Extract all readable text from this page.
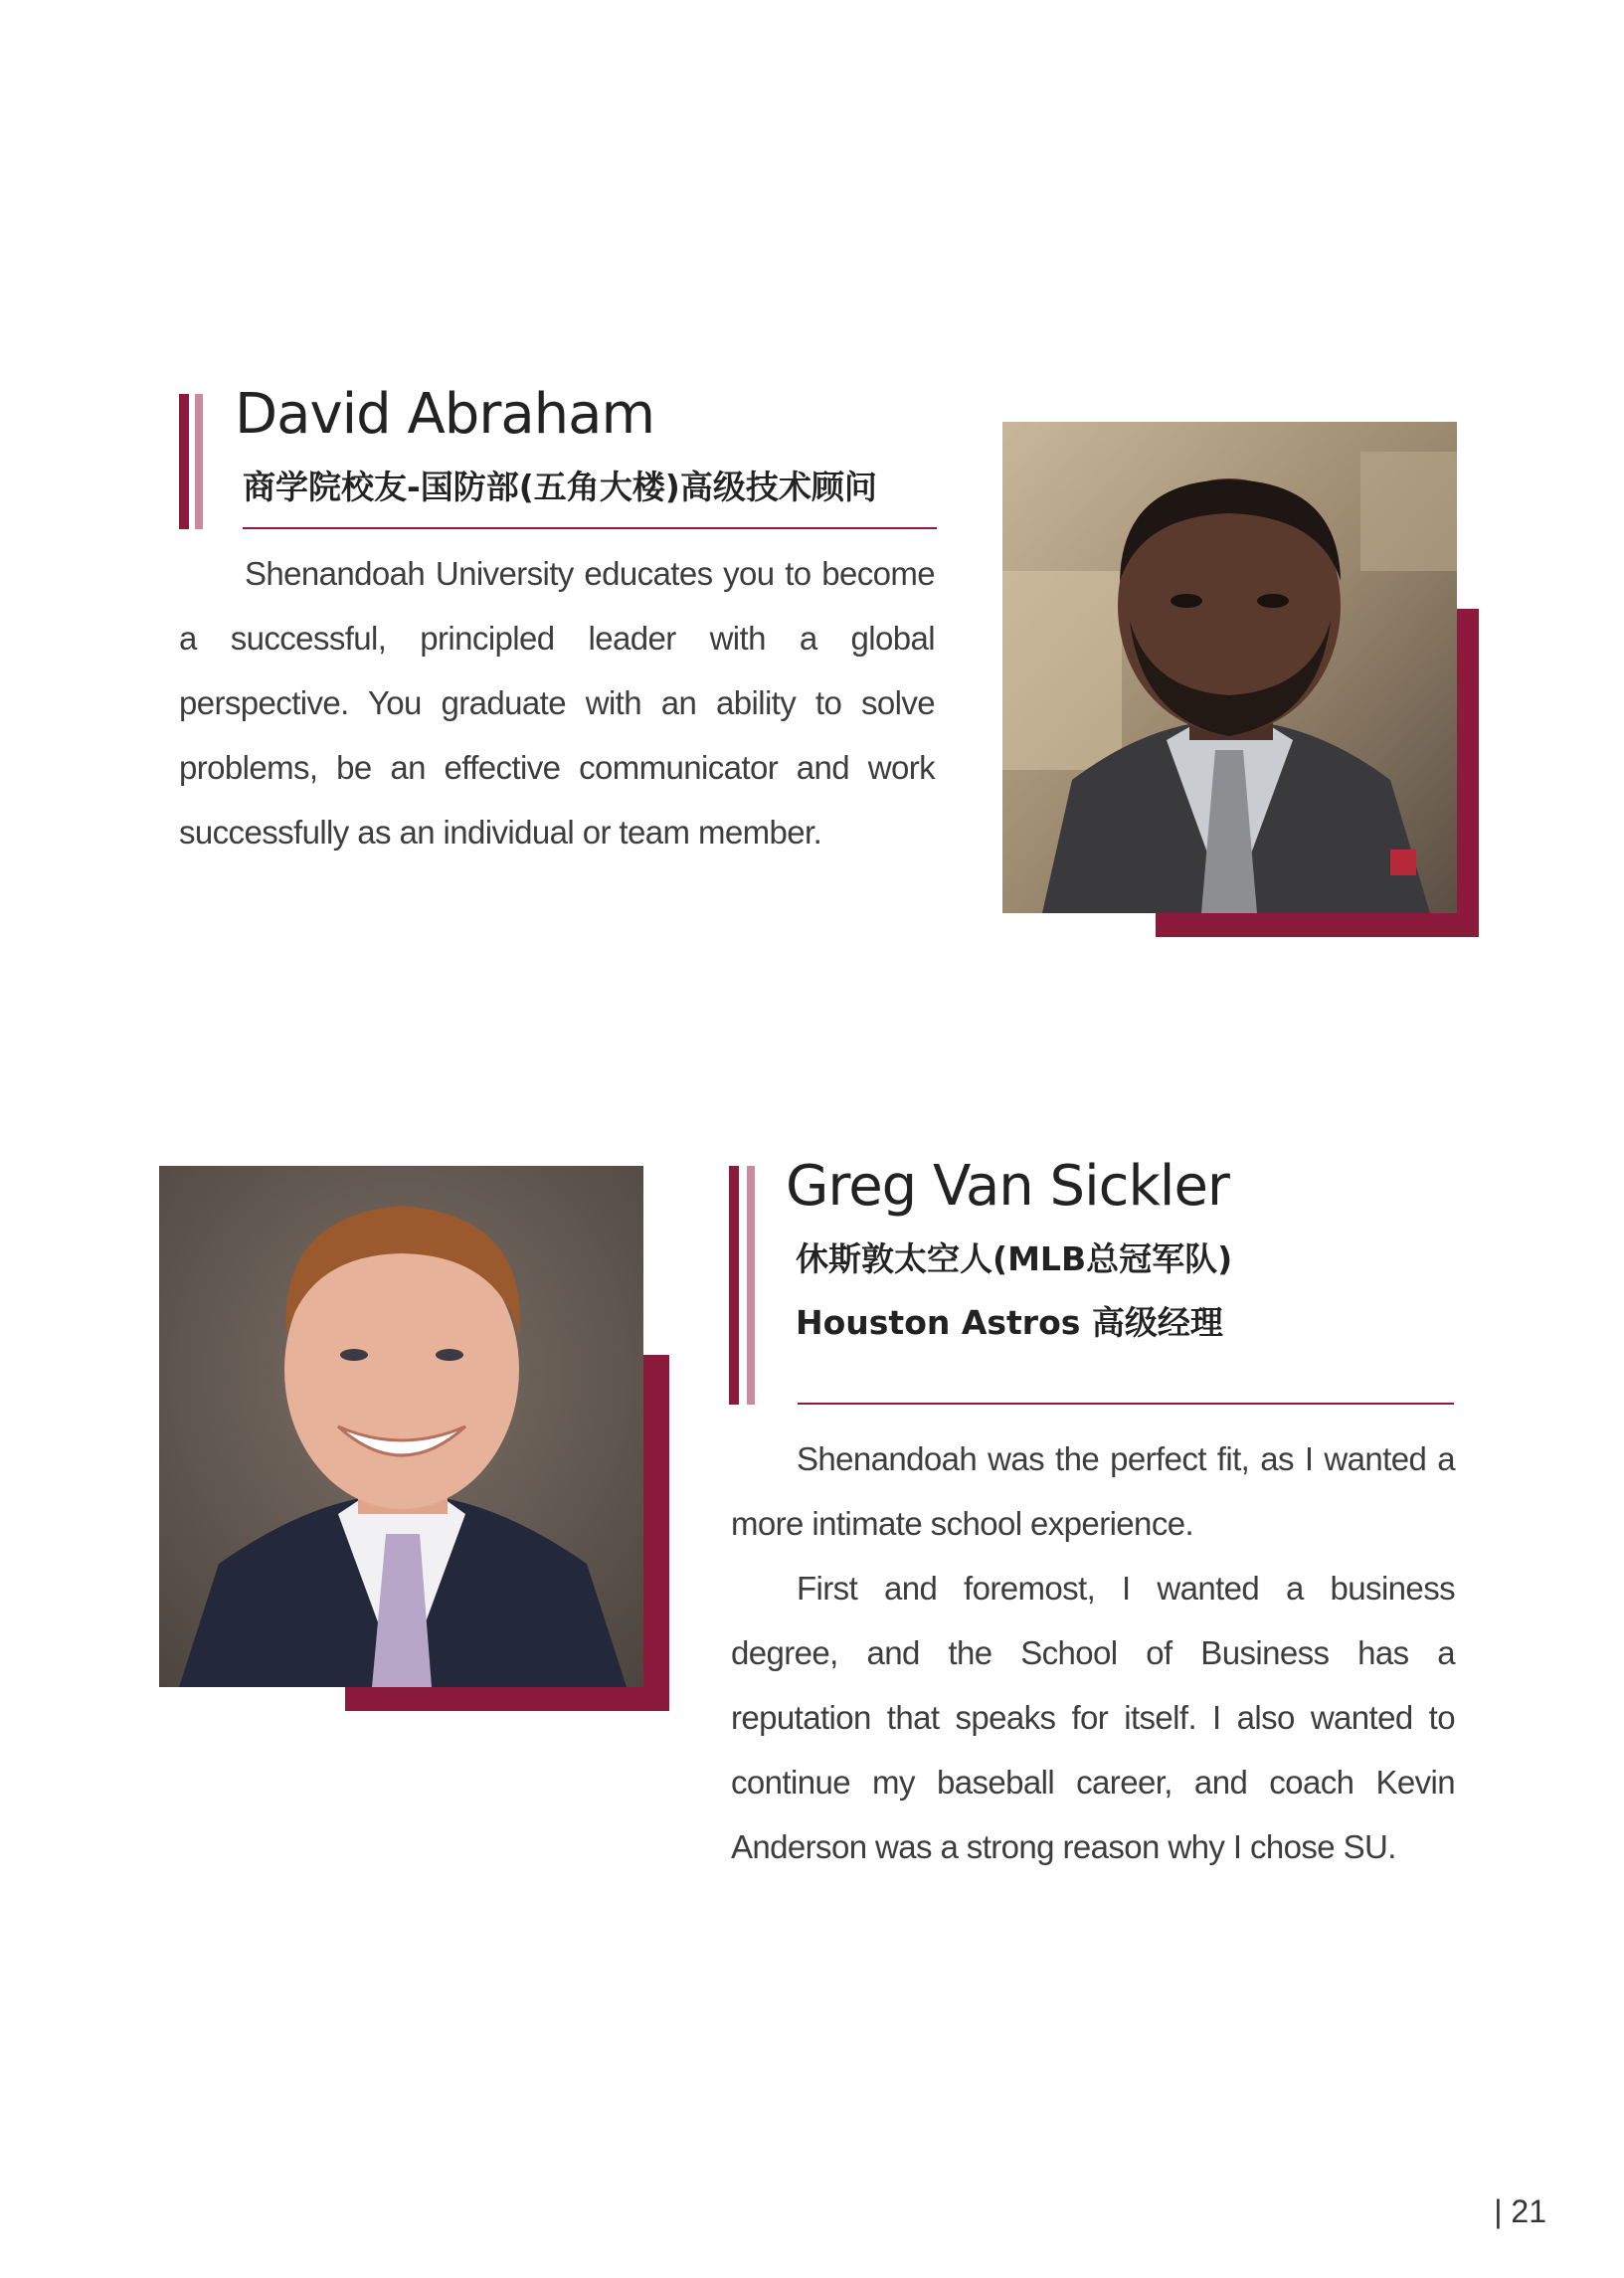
David Abraham
商学院校友-国防部(五角大楼)高级技术顾问

Shenandoah University educates you to become a successful, principled leader with a global perspective. You graduate with an ability to solve problems, be an effective communicator and work successfully as an individual or team member.

Greg Van Sickler
休斯敦太空人(MLB总冠军队)
Houston Astros 高级经理

Shenandoah was the perfect fit, as I wanted a more intimate school experience.

First and foremost, I wanted a business degree, and the School of Business has a reputation that speaks for itself. I also wanted to continue my baseball career, and coach Kevin Anderson was a strong reason why I chose SU.

| 21
